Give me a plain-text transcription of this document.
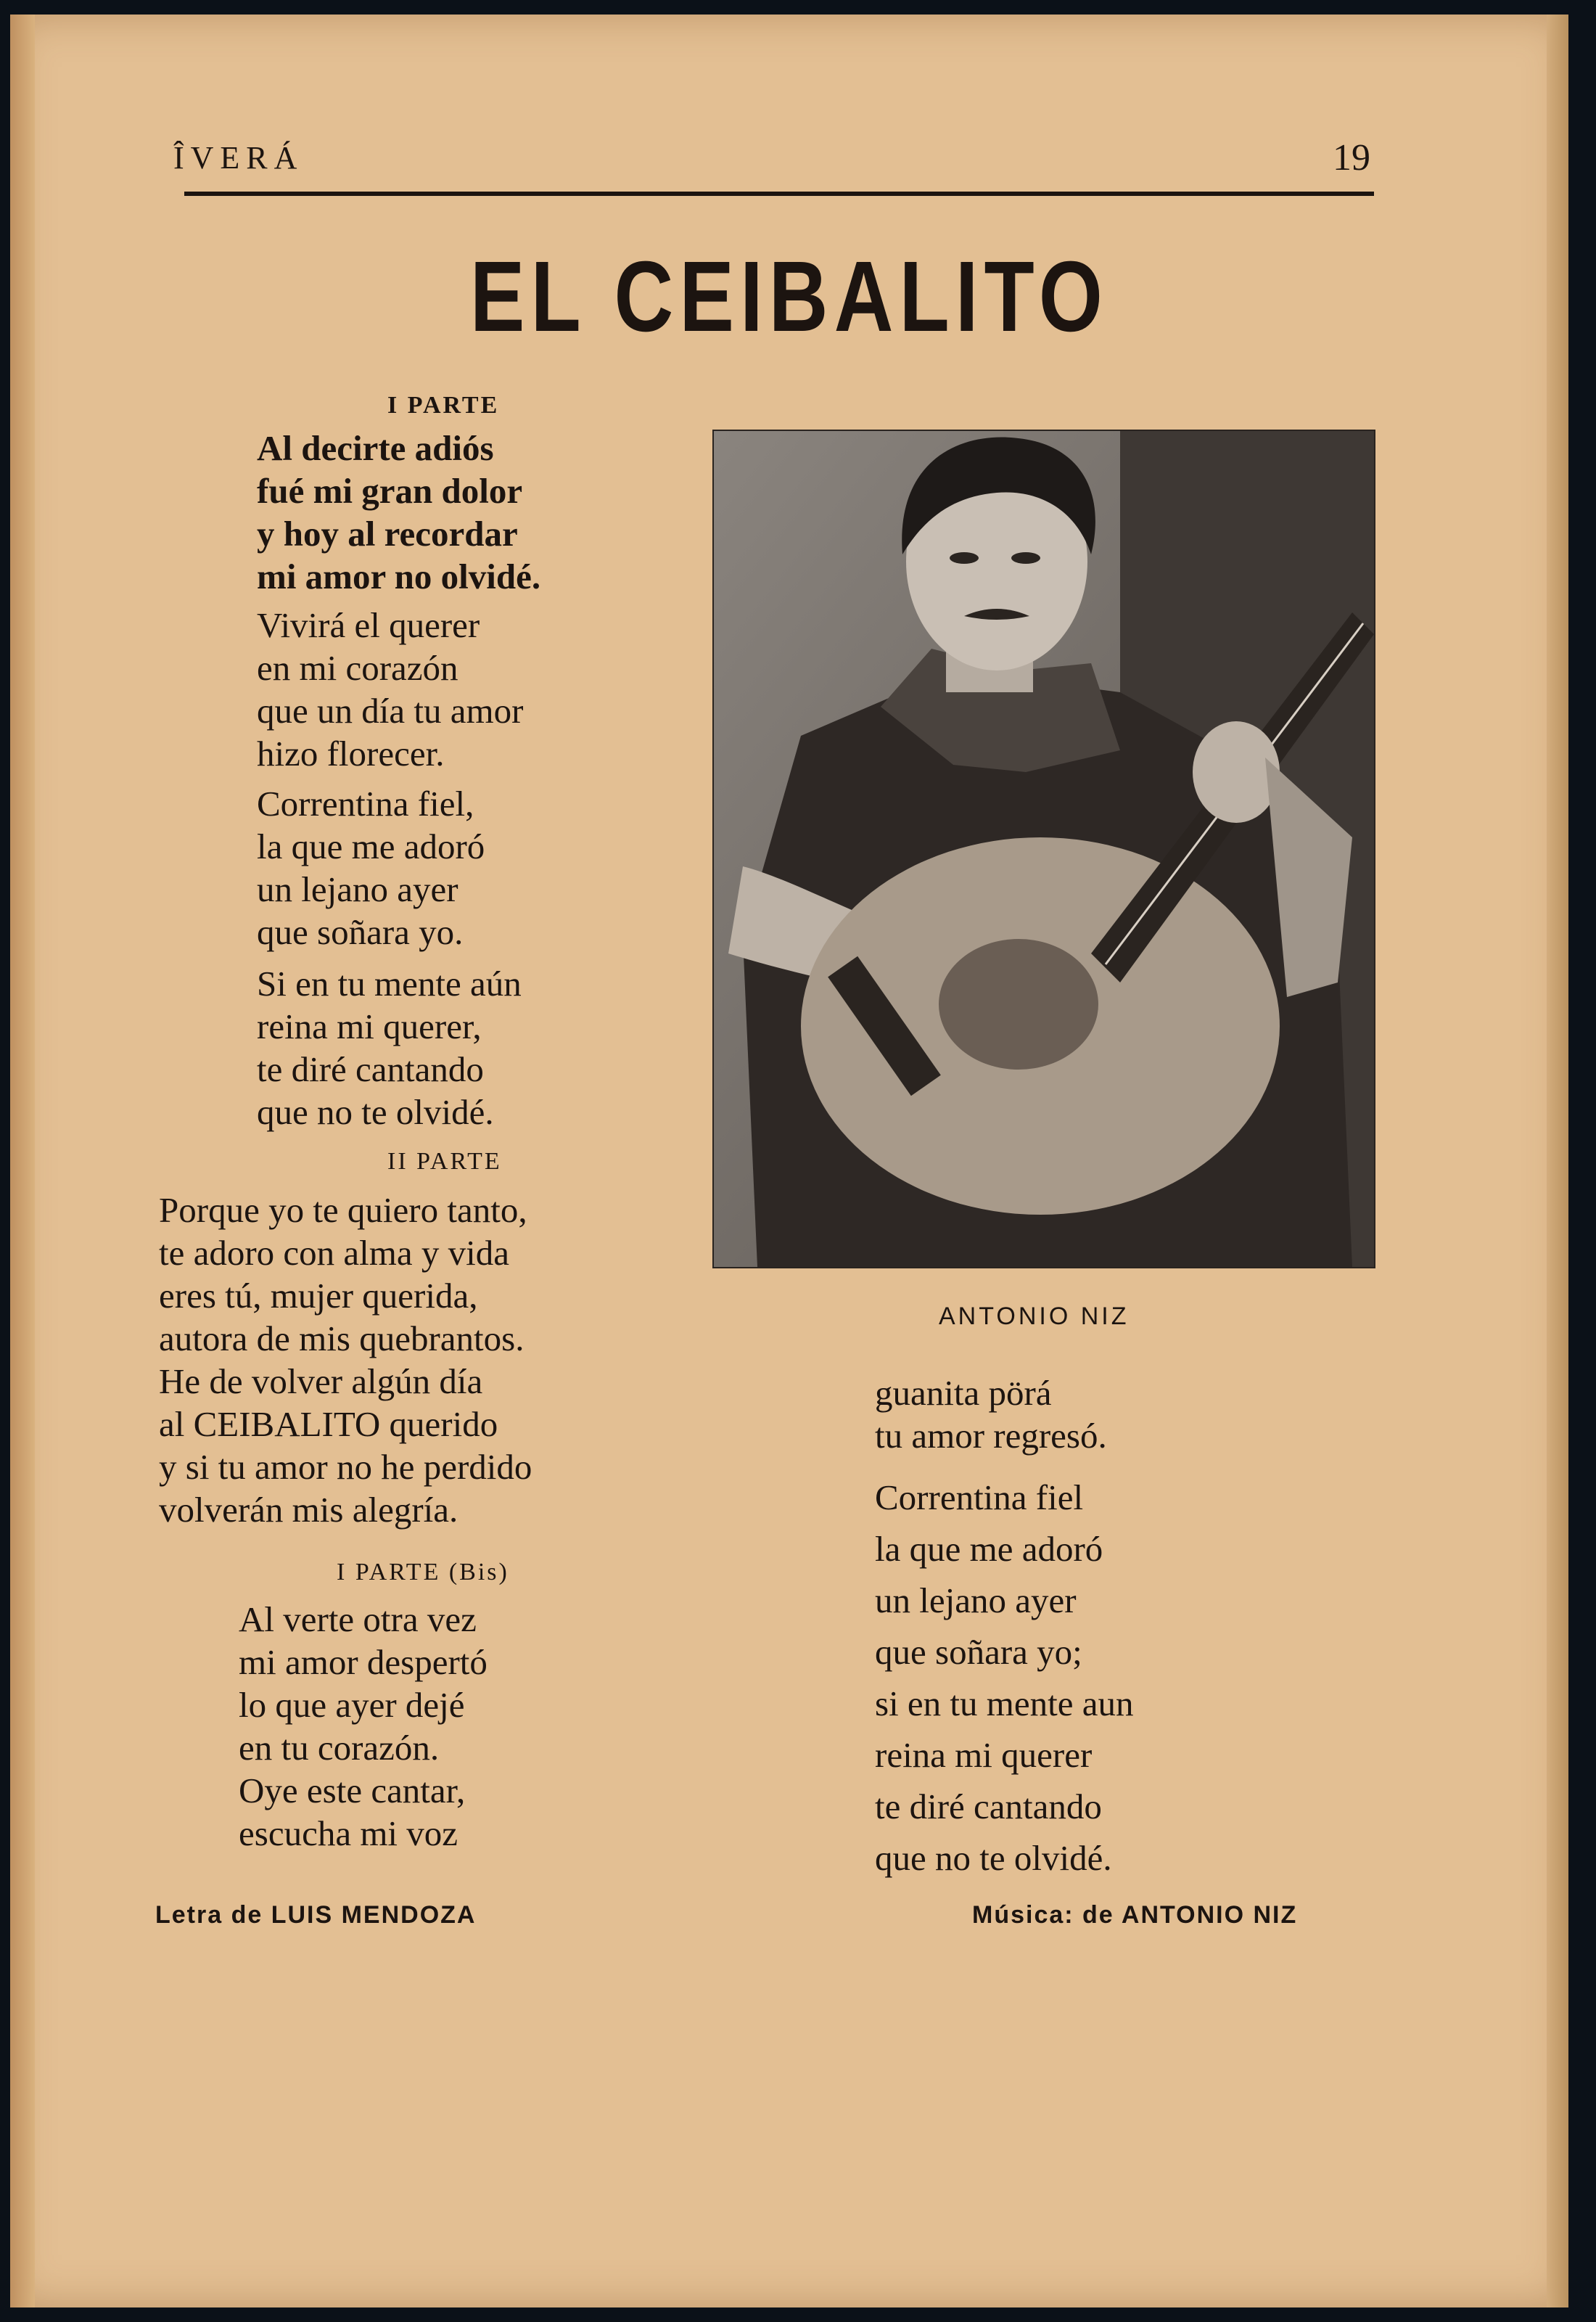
ÎVERÁ	19
EL CEIBALITO
I PARTE
Al decirte adiós
fué mi gran dolor
y hoy al recordar
mi amor no olvidé.
Vivirá el querer
en mi corazón
que un día tu amor
hizo florecer.
Correntina fiel,
la que me adoró
un lejano ayer
que soñara yo.
Si en tu mente aún
reina mi querer,
te diré cantando
que no te olvidé.
II PARTE
Porque yo te quiero tanto,
te adoro con alma y vida
eres tú, mujer querida,
autora de mis quebrantos.
He de volver algún día
al CEIBALITO querido
y si tu amor no he perdido
volverán mis alegría.
I PARTE (Bis)
Al verte otra vez
mi amor despertó
lo que ayer dejé
en tu corazón.
Oye este cantar,
escucha mi voz
ANTONIO NIZ
guanita pörá
tu amor regresó.
Correntina fiel
la que me adoró
un lejano ayer
que soñara yo;
si en tu mente aun
reina mi querer
te diré cantando
que no te olvidé.
Letra de LUIS MENDOZA	Música: de ANTONIO NIZ
